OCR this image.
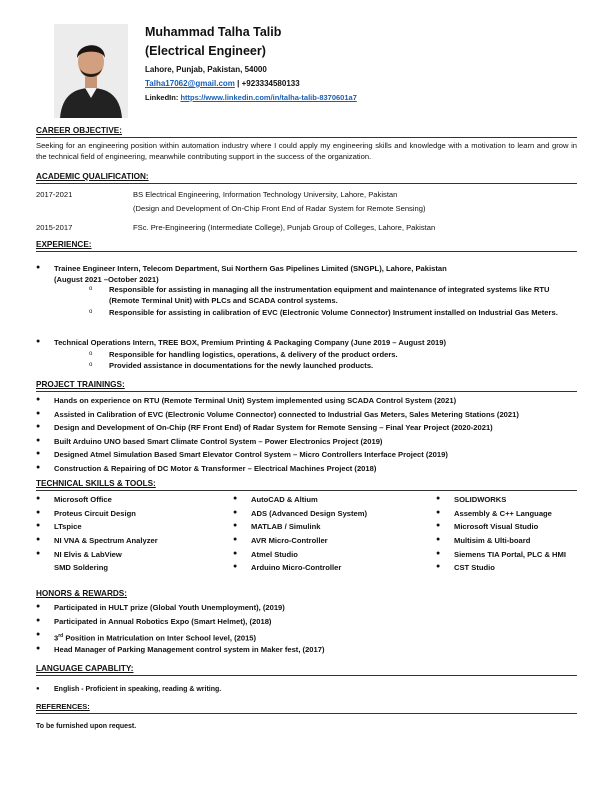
Muhammad Talha Talib
(Electrical Engineer)
Lahore, Punjab, Pakistan, 54000
Talha17062@gmail.com | +923334580133
LinkedIn: https://www.linkedin.com/in/talha-talib-8370601a7
CAREER OBJECTIVE:
Seeking for an engineering position within automation industry where I could apply my engineering skills and knowledge with a motivation to learn and grow in the technical field of engineering, meanwhile contributing support in the success of the organization.
ACADEMIC QUALIFICATION:
2017-2021	BS Electrical Engineering, Information Technology University, Lahore, Pakistan
(Design and Development of On-Chip Front End of Radar System for Remote Sensing)
2015-2017	FSc. Pre-Engineering (Intermediate College), Punjab Group of Colleges, Lahore, Pakistan
EXPERIENCE:
● Trainee Engineer Intern, Telecom Department, Sui Northern Gas Pipelines Limited (SNGPL), Lahore, Pakistan
(August 2021 –October 2021)
o Responsible for assisting in managing all the instrumentation equipment and maintenance of integrated systems like RTU (Remote Terminal Unit) with PLCs and SCADA control systems.
o Responsible for assisting in calibration of EVC (Electronic Volume Connector) Instrument installed on Industrial Gas Meters.
● Technical Operations Intern, TREE BOX, Premium Printing & Packaging Company (June 2019 – August 2019)
o Responsible for handling logistics, operations, & delivery of the product orders.
o Provided assistance in documentations for the newly launched products.
PROJECT TRAININGS:
● Hands on experience on RTU (Remote Terminal Unit) System implemented using SCADA Control System (2021)
● Assisted in Calibration of EVC (Electronic Volume Connector) connected to Industrial Gas Meters, Sales Metering Stations (2021)
● Design and Development of On-Chip (RF Front End) of Radar System for Remote Sensing – Final Year Project (2020-2021)
● Built Arduino UNO based Smart Climate Control System – Power Electronics Project (2019)
● Designed Atmel Simulation Based Smart Elevator Control System – Micro Controllers Interface Project (2019)
● Construction & Repairing of DC Motor & Transformer – Electrical Machines Project (2018)
TECHNICAL SKILLS & TOOLS:
● Microsoft Office
● Proteus Circuit Design
● LTspice
● NI VNA & Spectrum Analyzer
● NI Elvis & LabView
SMD Soldering
● AutoCAD & Altium
● ADS (Advanced Design System)
● MATLAB / Simulink
● AVR Micro-Controller
● Atmel Studio
● Arduino Micro-Controller
● SOLIDWORKS
● Assembly & C++ Language
● Microsoft Visual Studio
● Multisim & Ulti-board
● Siemens TIA Portal, PLC & HMI
● CST Studio
HONORS & REWARDS:
● Participated in HULT prize (Global Youth Unemployment), (2019)
● Participated in Annual Robotics Expo (Smart Helmet), (2018)
● 3rd Position in Matriculation on Inter School level, (2015)
● Head Manager of Parking Management control system in Maker fest, (2017)
LANGUAGE CAPABLITY:
● English - Proficient in speaking, reading & writing.
REFERENCES:
To be furnished upon request.
